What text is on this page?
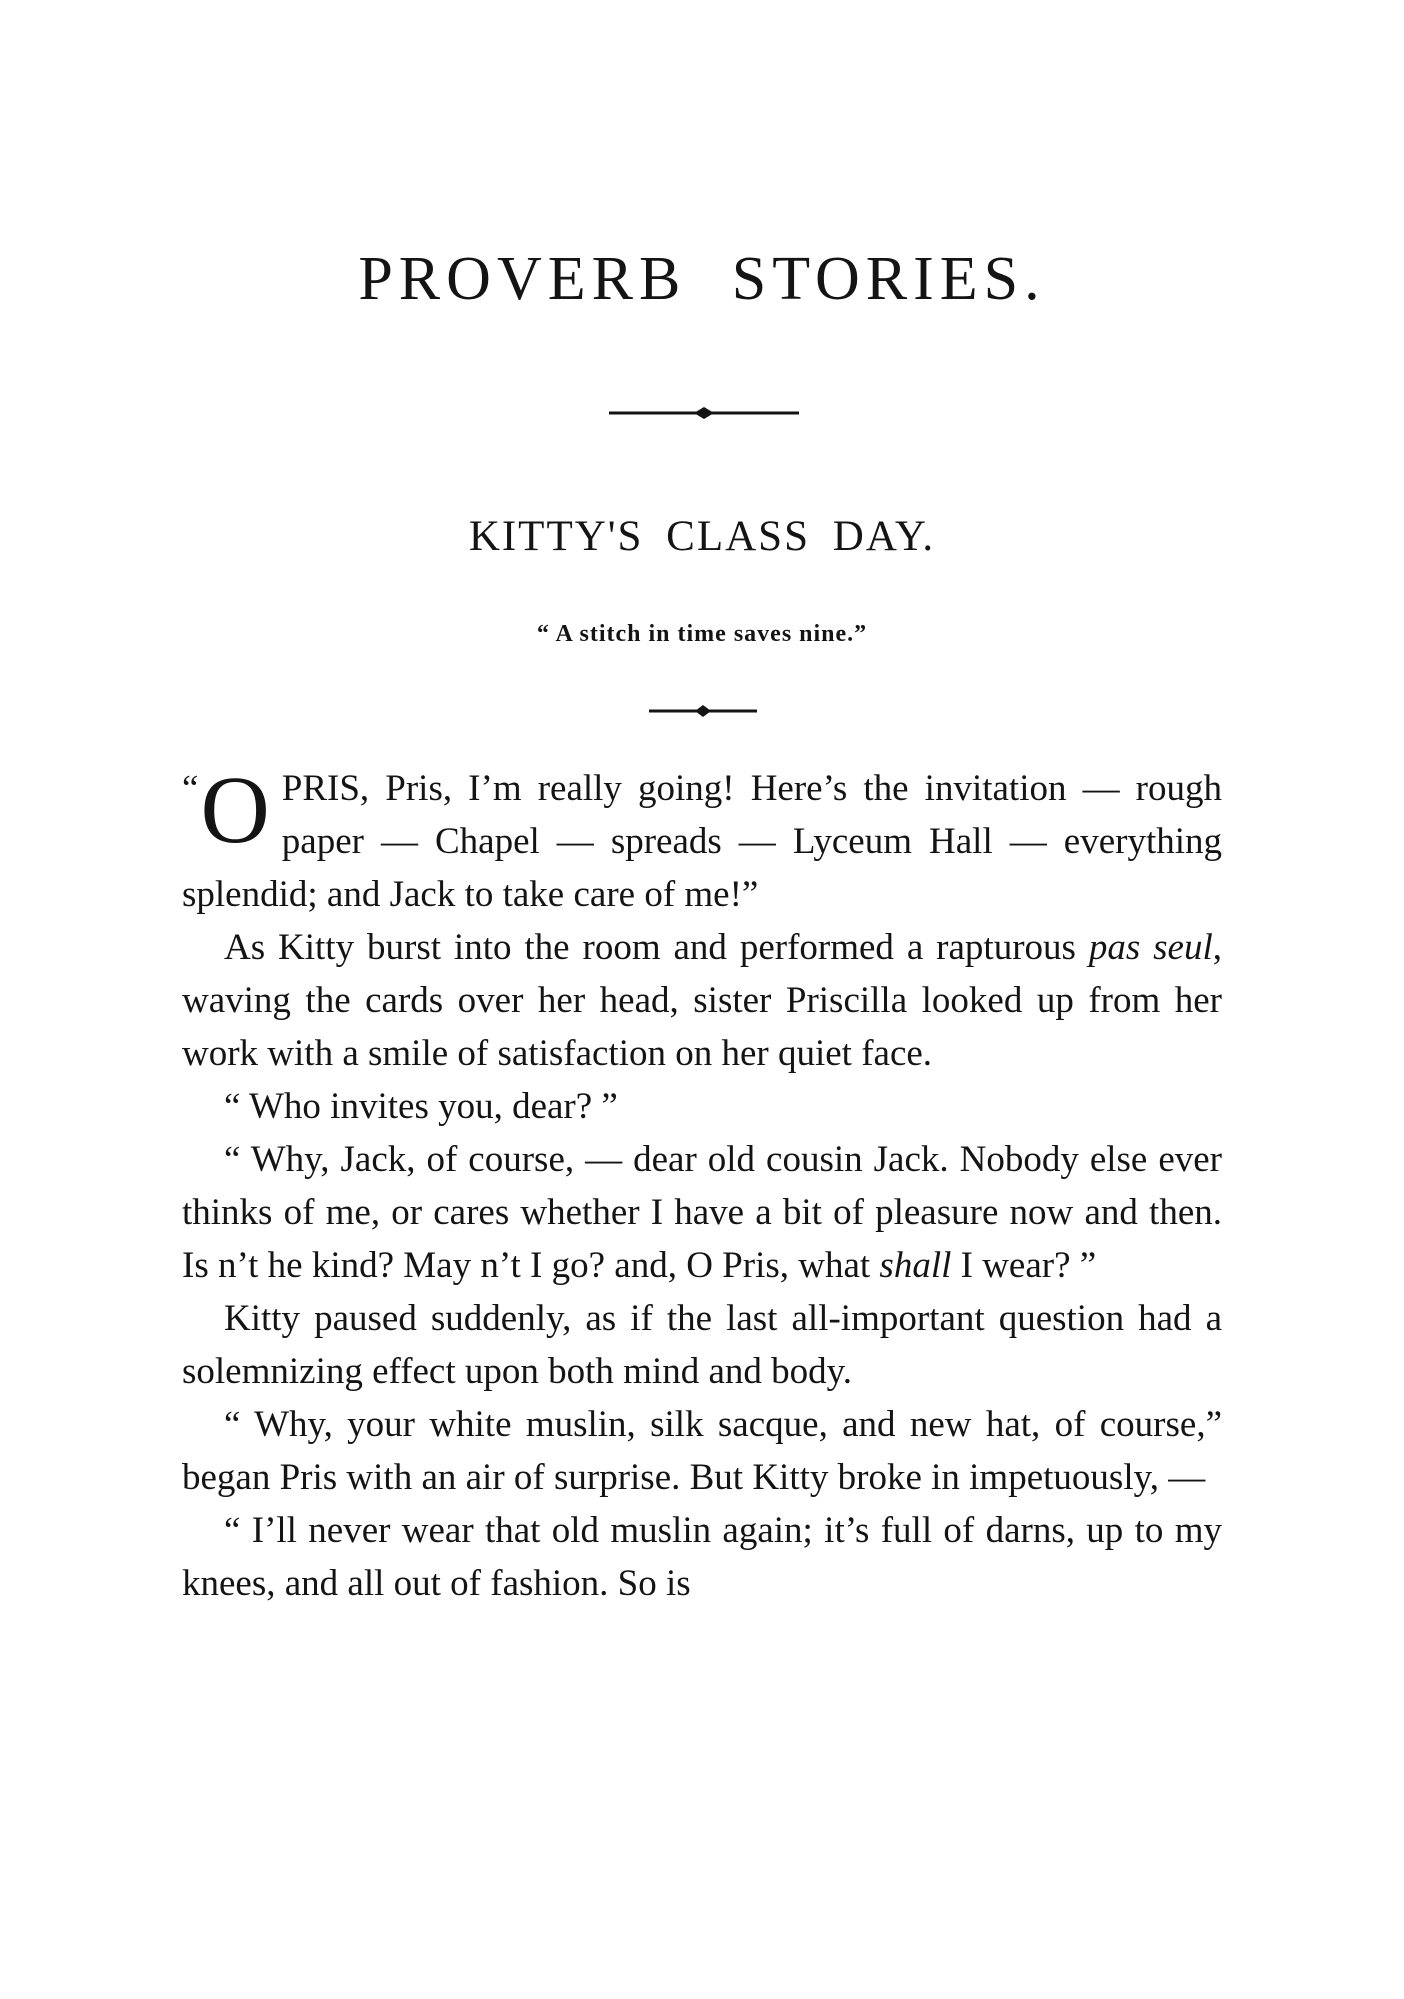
PROVERB STORIES.
KITTY'S CLASS DAY.
“ A stitch in time saves nine.”

“ O PRIS, Pris, I’m really going! Here’s the invitation — rough paper — Chapel — spreads — Lyceum Hall — everything splendid; and Jack to take care of me!”

As Kitty burst into the room and performed a rapturous pas seul, waving the cards over her head, sister Priscilla looked up from her work with a smile of satisfaction on her quiet face.

“ Who invites you, dear? ”

“ Why, Jack, of course, — dear old cousin Jack. Nobody else ever thinks of me, or cares whether I have a bit of pleasure now and then. Is n’t he kind? May n’t I go? and, O Pris, what shall I wear? ”

Kitty paused suddenly, as if the last all-important question had a solemnizing effect upon both mind and body.

“ Why, your white muslin, silk sacque, and new hat, of course,” began Pris with an air of surprise. But Kitty broke in impetuously, —

“ I’ll never wear that old muslin again; it’s full of darns, up to my knees, and all out of fashion. So is
